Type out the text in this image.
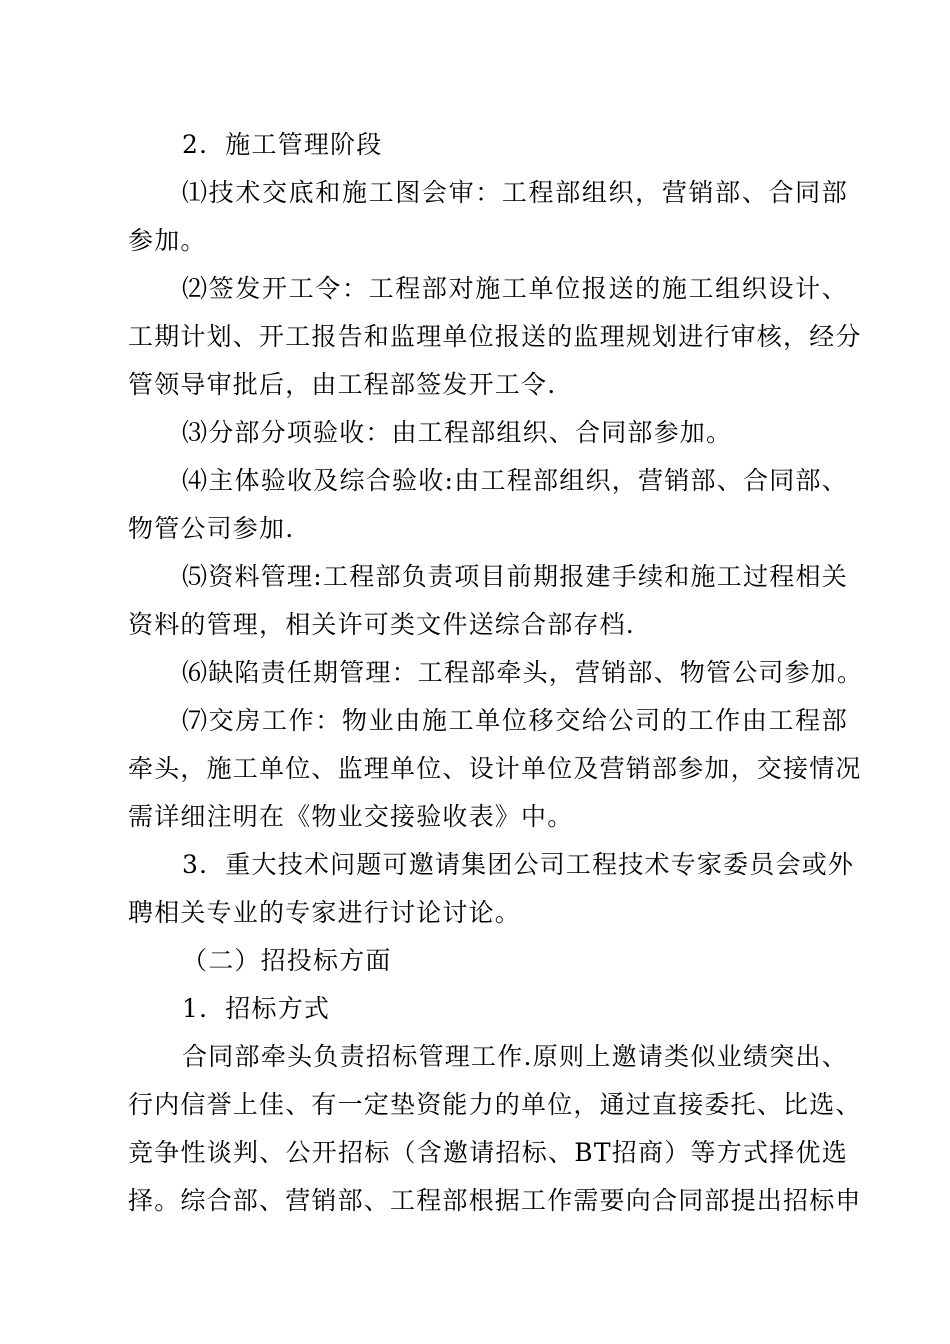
2．施工管理阶段
⑴技术交底和施工图会审：工程部组织，营销部、合同部
参加。
⑵签发开工令：工程部对施工单位报送的施工组织设计、
工期计划、开工报告和监理单位报送的监理规划进行审核，经分
管领导审批后，由工程部签发开工令.
⑶分部分项验收：由工程部组织、合同部参加。
⑷主体验收及综合验收:由工程部组织，营销部、合同部、
物管公司参加.
⑸资料管理:工程部负责项目前期报建手续和施工过程相关
资料的管理，相关许可类文件送综合部存档.
⑹缺陷责任期管理：工程部牵头，营销部、物管公司参加。
⑺交房工作：物业由施工单位移交给公司的工作由工程部
牵头，施工单位、监理单位、设计单位及营销部参加，交接情况
需详细注明在《物业交接验收表》中。
3．重大技术问题可邀请集团公司工程技术专家委员会或外
聘相关专业的专家进行讨论讨论。
（二）招投标方面
1．招标方式
合同部牵头负责招标管理工作.原则上邀请类似业绩突出、
行内信誉上佳、有一定垫资能力的单位，通过直接委托、比选、
竞争性谈判、公开招标（含邀请招标、BT招商）等方式择优选
择。综合部、营销部、工程部根据工作需要向合同部提出招标申
